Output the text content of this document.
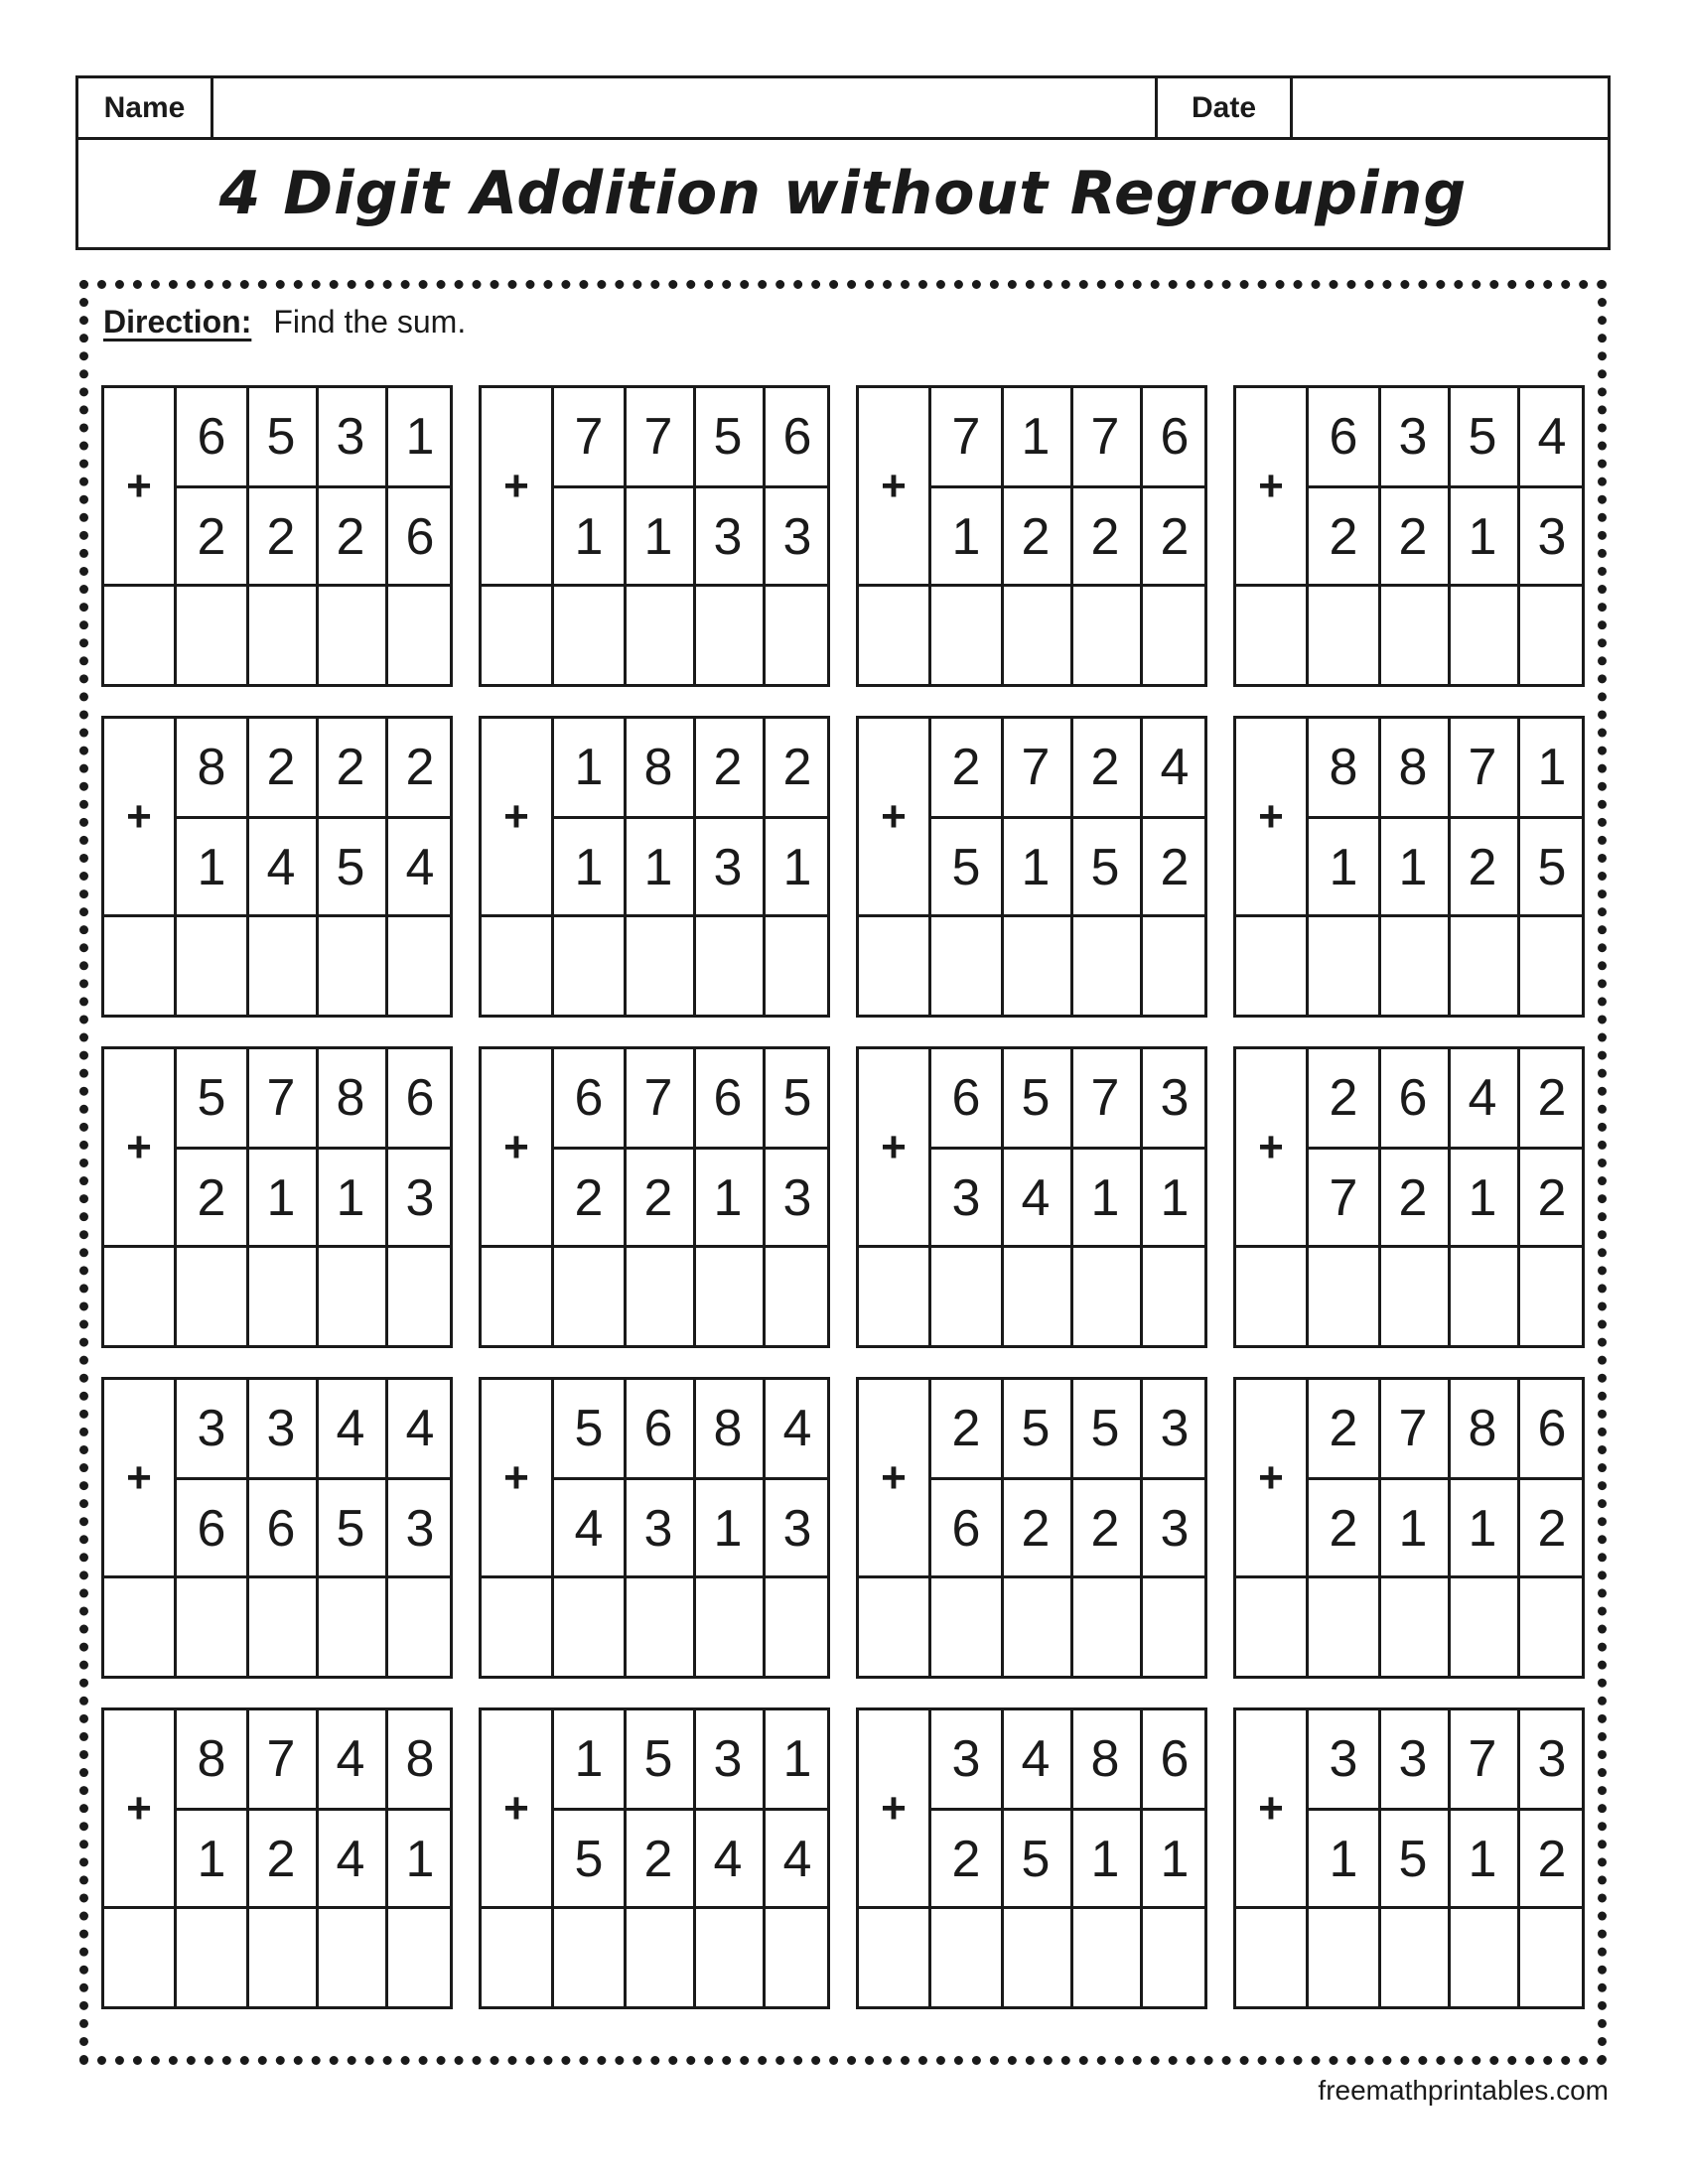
Name	Date
4 Digit Addition without Regrouping
Direction: Find the sum.
+
6 5 3 1
2 2 2 6
+
7 7 5 6
1 1 3 3
+
7 1 7 6
1 2 2 2
+
6 3 5 4
2 2 1 3
+
8 2 2 2
1 4 5 4
+
1 8 2 2
1 1 3 1
+
2 7 2 4
5 1 5 2
+
8 8 7 1
1 1 2 5
+
5 7 8 6
2 1 1 3
+
6 7 6 5
2 2 1 3
+
6 5 7 3
3 4 1 1
+
2 6 4 2
7 2 1 2
+
3 3 4 4
6 6 5 3
+
5 6 8 4
4 3 1 3
+
2 5 5 3
6 2 2 3
+
2 7 8 6
2 1 1 2
+
8 7 4 8
1 2 4 1
+
1 5 3 1
5 2 4 4
+
3 4 8 6
2 5 1 1
+
3 3 7 3
1 5 1 2
freemathprintables.com
